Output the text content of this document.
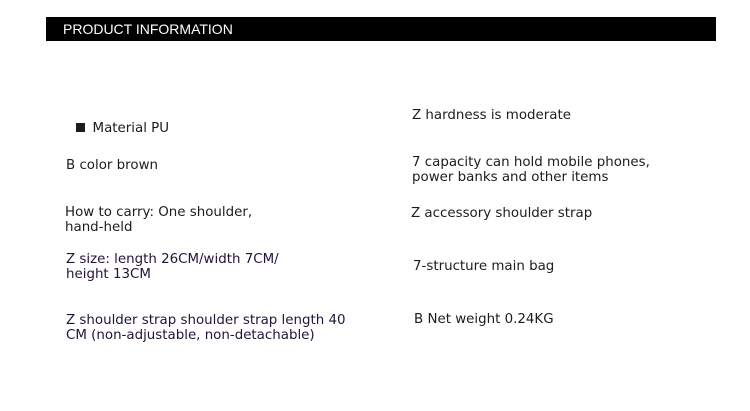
PRODUCT INFORMATION

Material PU

B color brown
How to carry: One shoulder,
hand-held
Z size: length 26CM/width 7CM/
height 13CM
Z shoulder strap shoulder strap length 40
CM (non-adjustable, non-detachable)
Z hardness is moderate
7 capacity can hold mobile phones,
power banks and other items
Z accessory shoulder strap
7-structure main bag
B Net weight 0.24KG
